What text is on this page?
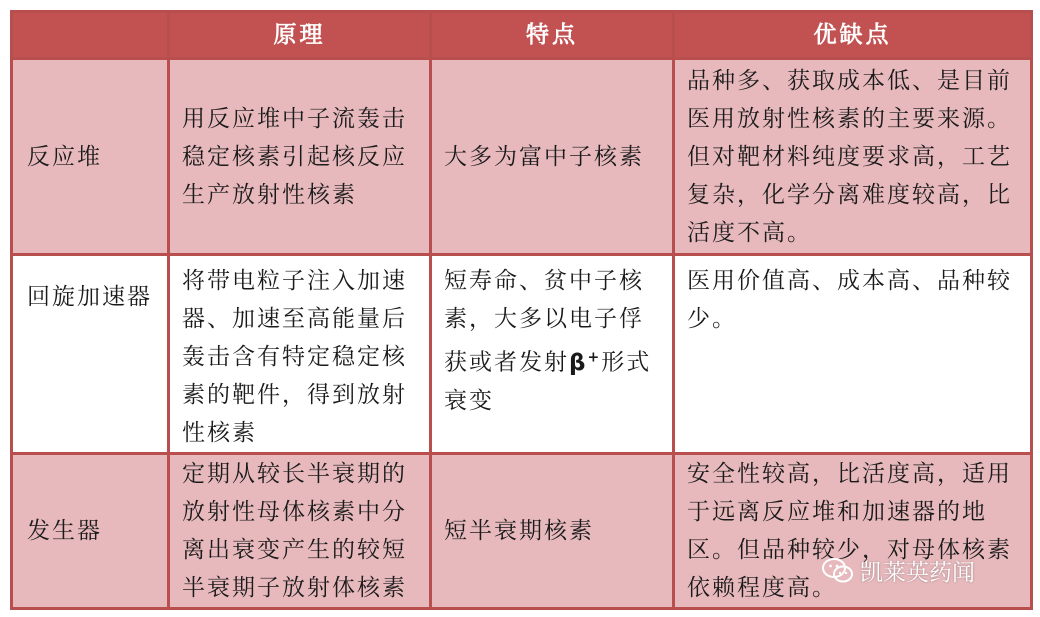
	原理	特点	优缺点
反应堆	用反应堆中子流轰击稳定核素引起核反应生产放射性核素	大多为富中子核素	品种多、获取成本低、是目前医用放射性核素的主要来源。但对靶材料纯度要求高，工艺复杂，化学分离难度较高，比活度不高。
回旋加速器	将带电粒子注入加速器、加速至高能量后轰击含有特定稳定核素的靶件，得到放射性核素	短寿命、贫中子核素，大多以电子俘获或者发射β+形式衰变	医用价值高、成本高、品种较少。
发生器	定期从较长半衰期的放射性母体核素中分离出衰变产生的较短半衰期子放射体核素	短半衰期核素	安全性较高，比活度高，适用于远离反应堆和加速器的地区。但品种较少，对母体核素依赖程度高。
凯莱英药闻
